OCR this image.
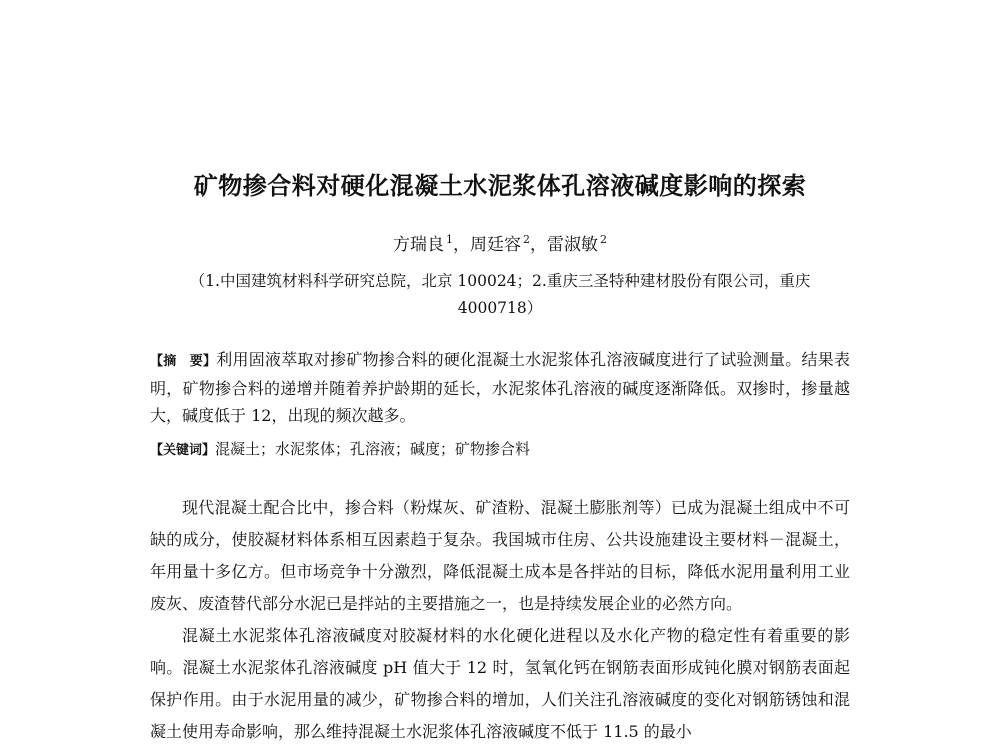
矿物掺合料对硬化混凝土水泥浆体孔溶液碱度影响的探索
方瑞良 $^1$，周廷容 $^2$，雷淑敏 $^2$
（1.中国建筑材料科学研究总院，北京 100024；2.重庆三圣特种建材股份有限公司，重庆 4000718）
【摘　要】利用固液萃取对掺矿物掺合料的硬化混凝土水泥浆体孔溶液碱度进行了试验测量。结果表明，矿物掺合料的递增并随着养护龄期的延长，水泥浆体孔溶液的碱度逐渐降低。双掺时，掺量越大，碱度低于 12，出现的频次越多。
【关键词】混凝土；水泥浆体；孔溶液；碱度；矿物掺合料

现代混凝土配合比中，掺合料（粉煤灰、矿渣粉、混凝土膨胀剂等）已成为混凝土组成中不可缺的成分，使胶凝材料体系相互因素趋于复杂。我国城市住房、公共设施建设主要材料－混凝土，年用量十多亿方。但市场竞争十分激烈，降低混凝土成本是各拌站的目标，降低水泥用量利用工业废灰、废渣替代部分水泥已是拌站的主要措施之一，也是持续发展企业的必然方向。

混凝土水泥浆体孔溶液碱度对胶凝材料的水化硬化进程以及水化产物的稳定性有着重要的影响。混凝土水泥浆体孔溶液碱度 pH 值大于 12 时，氢氧化钙在钢筋表面形成钝化膜对钢筋表面起保护作用。由于水泥用量的减少，矿物掺合料的增加，人们关注孔溶液碱度的变化对钢筋锈蚀和混凝土使用寿命影响，那么维持混凝土水泥浆体孔溶液碱度不低于 11.5 的最小
